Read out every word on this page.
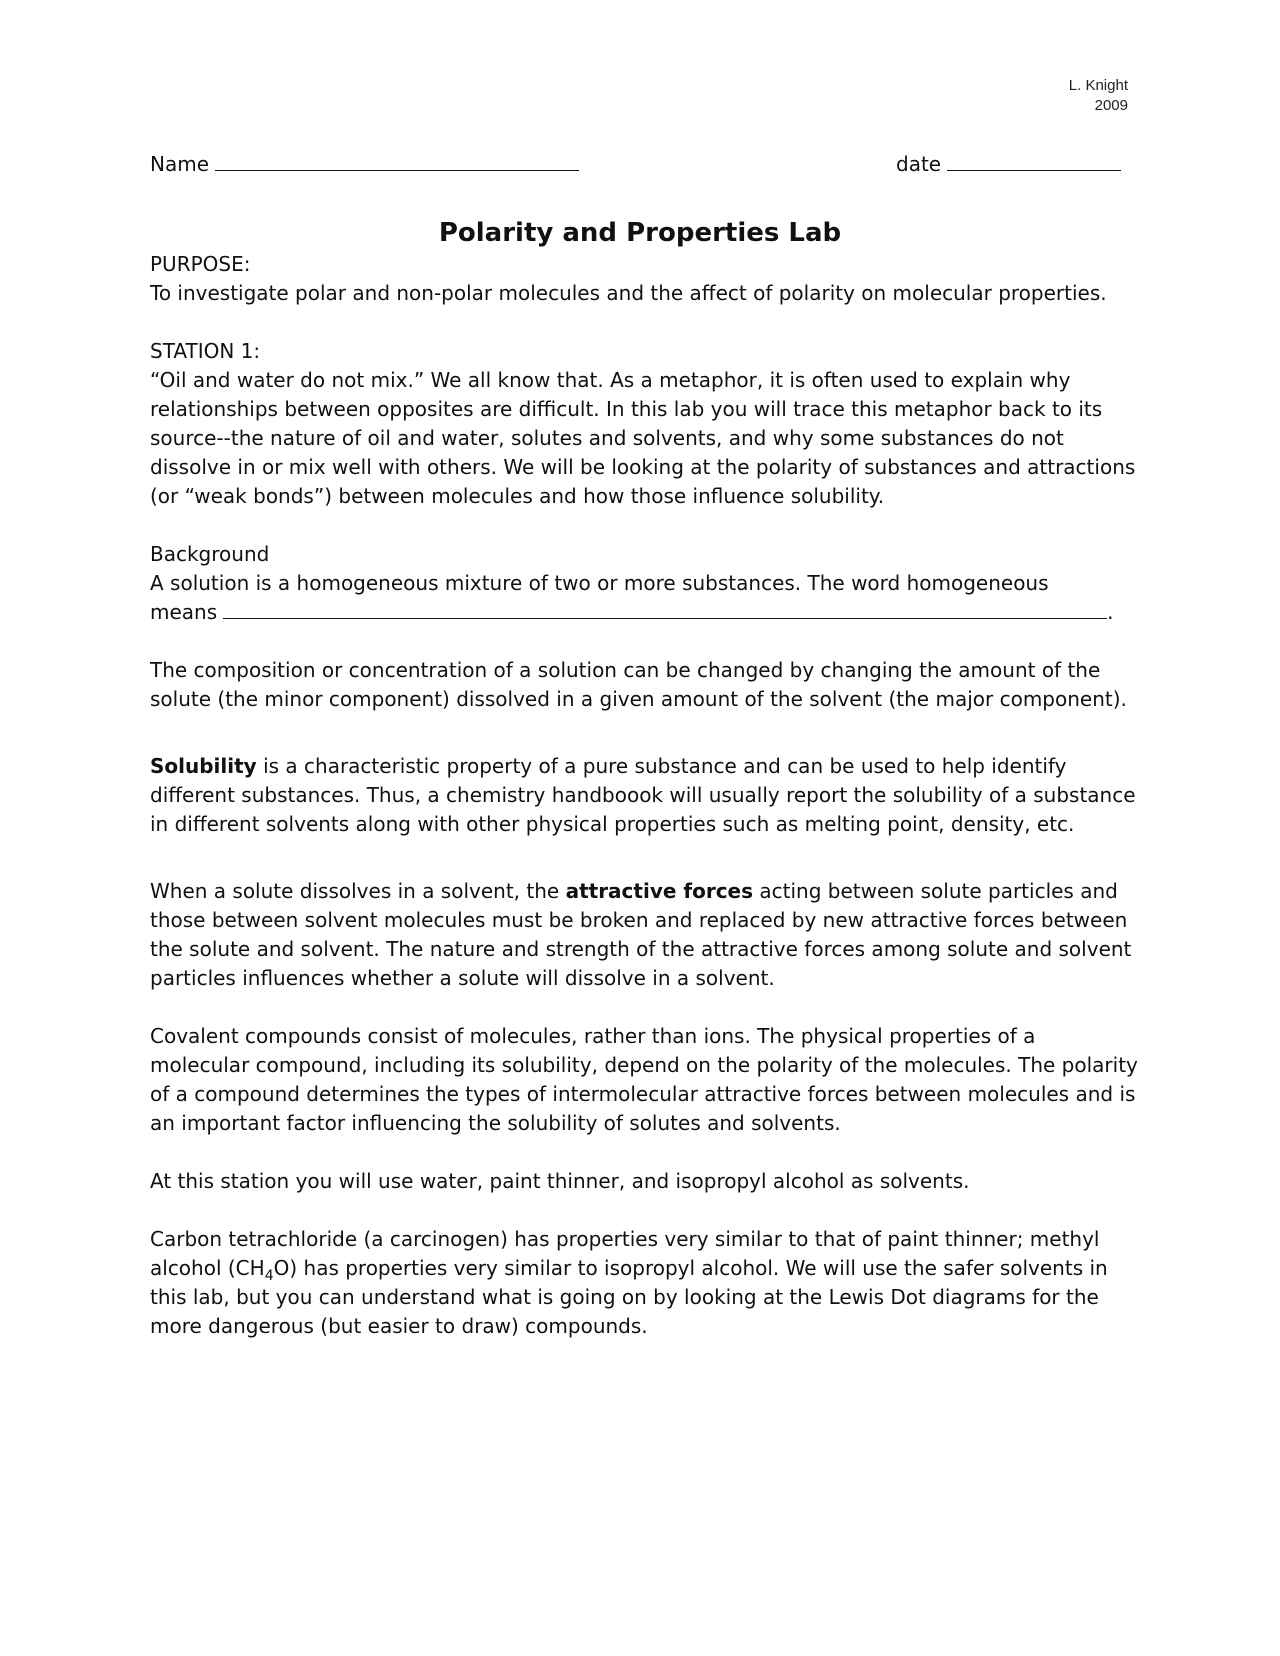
L. Knight
2009
Name	date
Polarity and Properties Lab

PURPOSE:

To investigate polar and non-polar molecules and the affect of polarity on molecular properties.

STATION 1:

“Oil and water do not mix.” We all know that. As a metaphor, it is often used to explain why relationships between opposites are difficult. In this lab you will trace this metaphor back to its source--the nature of oil and water, solutes and solvents, and why some substances do not dissolve in or mix well with others. We will be looking at the polarity of substances and attractions (or “weak bonds”) between molecules and how those influence solubility.

Background

A solution is a homogeneous mixture of two or more substances. The word homogeneous

means	.

The composition or concentration of a solution can be changed by changing the amount of the solute (the minor component) dissolved in a given amount of the solvent (the major component).

Solubility is a characteristic property of a pure substance and can be used to help identify different substances. Thus, a chemistry handboook will usually report the solubility of a substance in different solvents along with other physical properties such as melting point, density, etc.

When a solute dissolves in a solvent, the attractive forces acting between solute particles and those between solvent molecules must be broken and replaced by new attractive forces between the solute and solvent. The nature and strength of the attractive forces among solute and solvent particles influences whether a solute will dissolve in a solvent.

Covalent compounds consist of molecules, rather than ions. The physical properties of a molecular compound, including its solubility, depend on the polarity of the molecules. The polarity of a compound determines the types of intermolecular attractive forces between molecules and is an important factor influencing the solubility of solutes and solvents.

At this station you will use water, paint thinner, and isopropyl alcohol as solvents.

Carbon tetrachloride (a carcinogen) has properties very similar to that of paint thinner; methyl alcohol $(CH_4O)$ has properties very similar to isopropyl alcohol. We will use the safer solvents in this lab, but you can understand what is going on by looking at the Lewis Dot diagrams for the more dangerous (but easier to draw) compounds.
